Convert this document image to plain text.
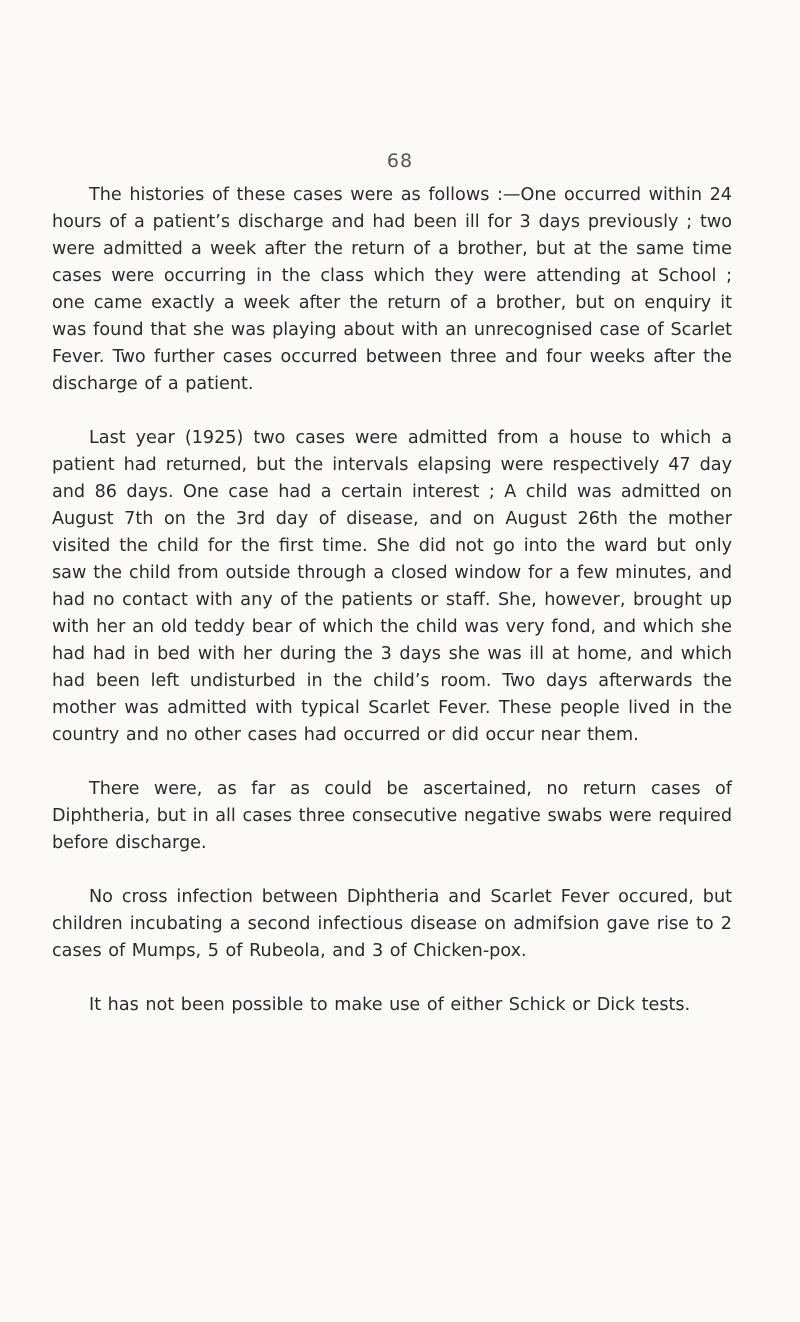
68

The histories of these cases were as follows :—One occurred within 24 hours of a patient’s discharge and had been ill for 3 days previously ; two were admitted a week after the return of a brother, but at the same time cases were occurring in the class which they were attending at School ; one came exactly a week after the return of a brother, but on enquiry it was found that she was playing about with an unrecognised case of Scarlet Fever. Two further cases occurred between three and four weeks after the discharge of a patient.

Last year (1925) two cases were admitted from a house to which a patient had returned, but the intervals elapsing were respectively 47 day and 86 days. One case had a certain interest ; A child was admitted on August 7th on the 3rd day of disease, and on August 26th the mother visited the child for the first time. She did not go into the ward but only saw the child from outside through a closed window for a few minutes, and had no contact with any of the patients or staff. She, however, brought up with her an old teddy bear of which the child was very fond, and which she had had in bed with her during the 3 days she was ill at home, and which had been left undisturbed in the child’s room. Two days afterwards the mother was admitted with typical Scarlet Fever. These people lived in the country and no other cases had occurred or did occur near them.

There were, as far as could be ascertained, no return cases of Diphtheria, but in all cases three consecutive negative swabs were required before discharge.

No cross infection between Diphtheria and Scarlet Fever occured, but children incubating a second infectious disease on admifsion gave rise to 2 cases of Mumps, 5 of Rubeola, and 3 of Chicken-pox.

It has not been possible to make use of either Schick or Dick tests.
